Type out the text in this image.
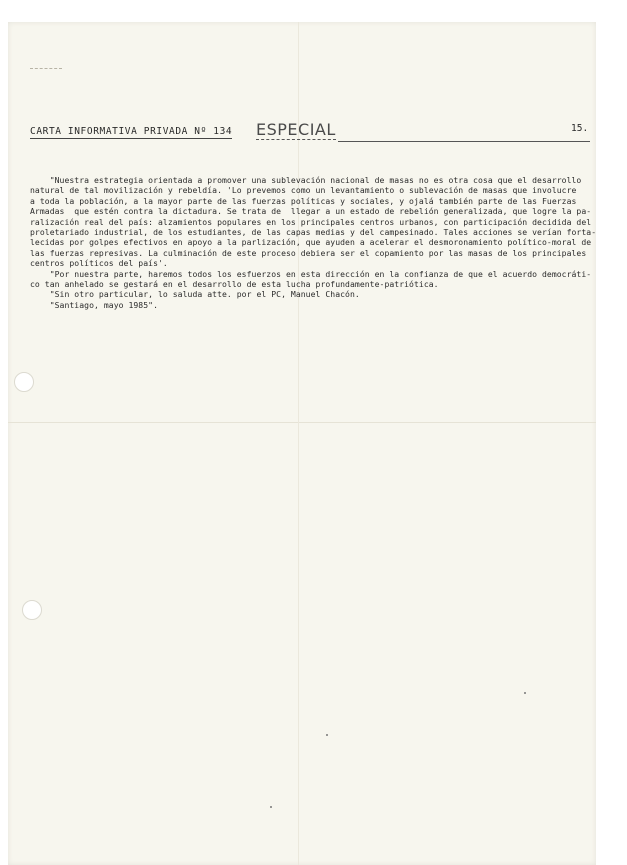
CARTA INFORMATIVA PRIVADA Nº 134 ESPECIAL	15.

"Nuestra estrategia orientada a promover una sublevación nacional de masas no es otra cosa que el desarrollo

natural de tal movilización y rebeldía. 'Lo prevemos como un levantamiento o sublevación de masas que involucre

a toda la población, a la mayor parte de las fuerzas políticas y sociales, y ojalá también parte de las Fuerzas

Armadas  que estén contra la dictadura. Se trata de  llegar a un estado de rebelión generalizada, que logre la pa-

ralización real del país: alzamientos populares en los principales centros urbanos, con participación decidida del

proletariado industrial, de los estudiantes, de las capas medias y del campesinado. Tales acciones se verían forta-

lecidas por golpes efectivos en apoyo a la parlización, que ayuden a acelerar el desmoronamiento político-moral de

las fuerzas represivas. La culminación de este proceso debiera ser el copamiento por las masas de los principales

centros políticos del país'.

"Por nuestra parte, haremos todos los esfuerzos en esta dirección en la confianza de que el acuerdo democráti-

co tan anhelado se gestará en el desarrollo de esta lucha profundamente-patriótica.

"Sin otro particular, lo saluda atte. por el PC, Manuel Chacón.

"Santiago, mayo 1985".
